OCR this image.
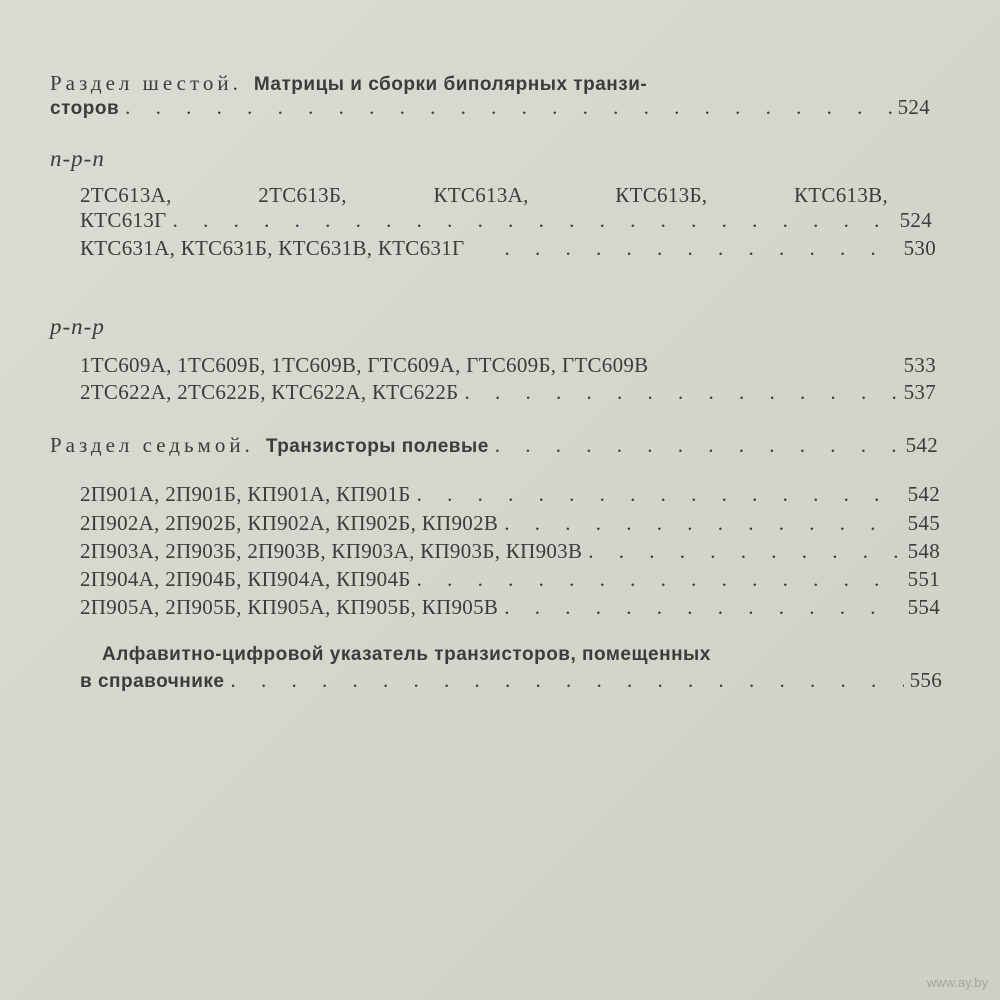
Раздел шестой. Матрицы и сборки биполярных транзи-
сторов . . .	524
n-p-n
2ТС613А,	2ТС613Б,	КТС613А,	КТС613Б,	КТС613В,
КТС613Г . . .	524
КТС631А, КТС631Б, КТС631В, КТС631Г . . .	530
p-n-p
1ТС609А, 1ТС609Б, 1ТС609В, ГТС609А, ГТС609Б, ГТС609В	533
2ТС622А, 2ТС622Б, КТС622А, КТС622Б . . .	537
Раздел седьмой. Транзисторы полевые . . .	542
2П901А, 2П901Б, КП901А, КП901Б . . .	542
2П902А, 2П902Б, КП902А, КП902Б, КП902В . . .	545
2П903А, 2П903Б, 2П903В, КП903А, КП903Б, КП903В . . .	548
2П904А, 2П904Б, КП904А, КП904Б . . .	551
2П905А, 2П905Б, КП905А, КП905Б, КП905В . . .	554
Алфавитно-цифровой указатель транзисторов, помещенных
в справочнике . . .	556
www.ay.by
